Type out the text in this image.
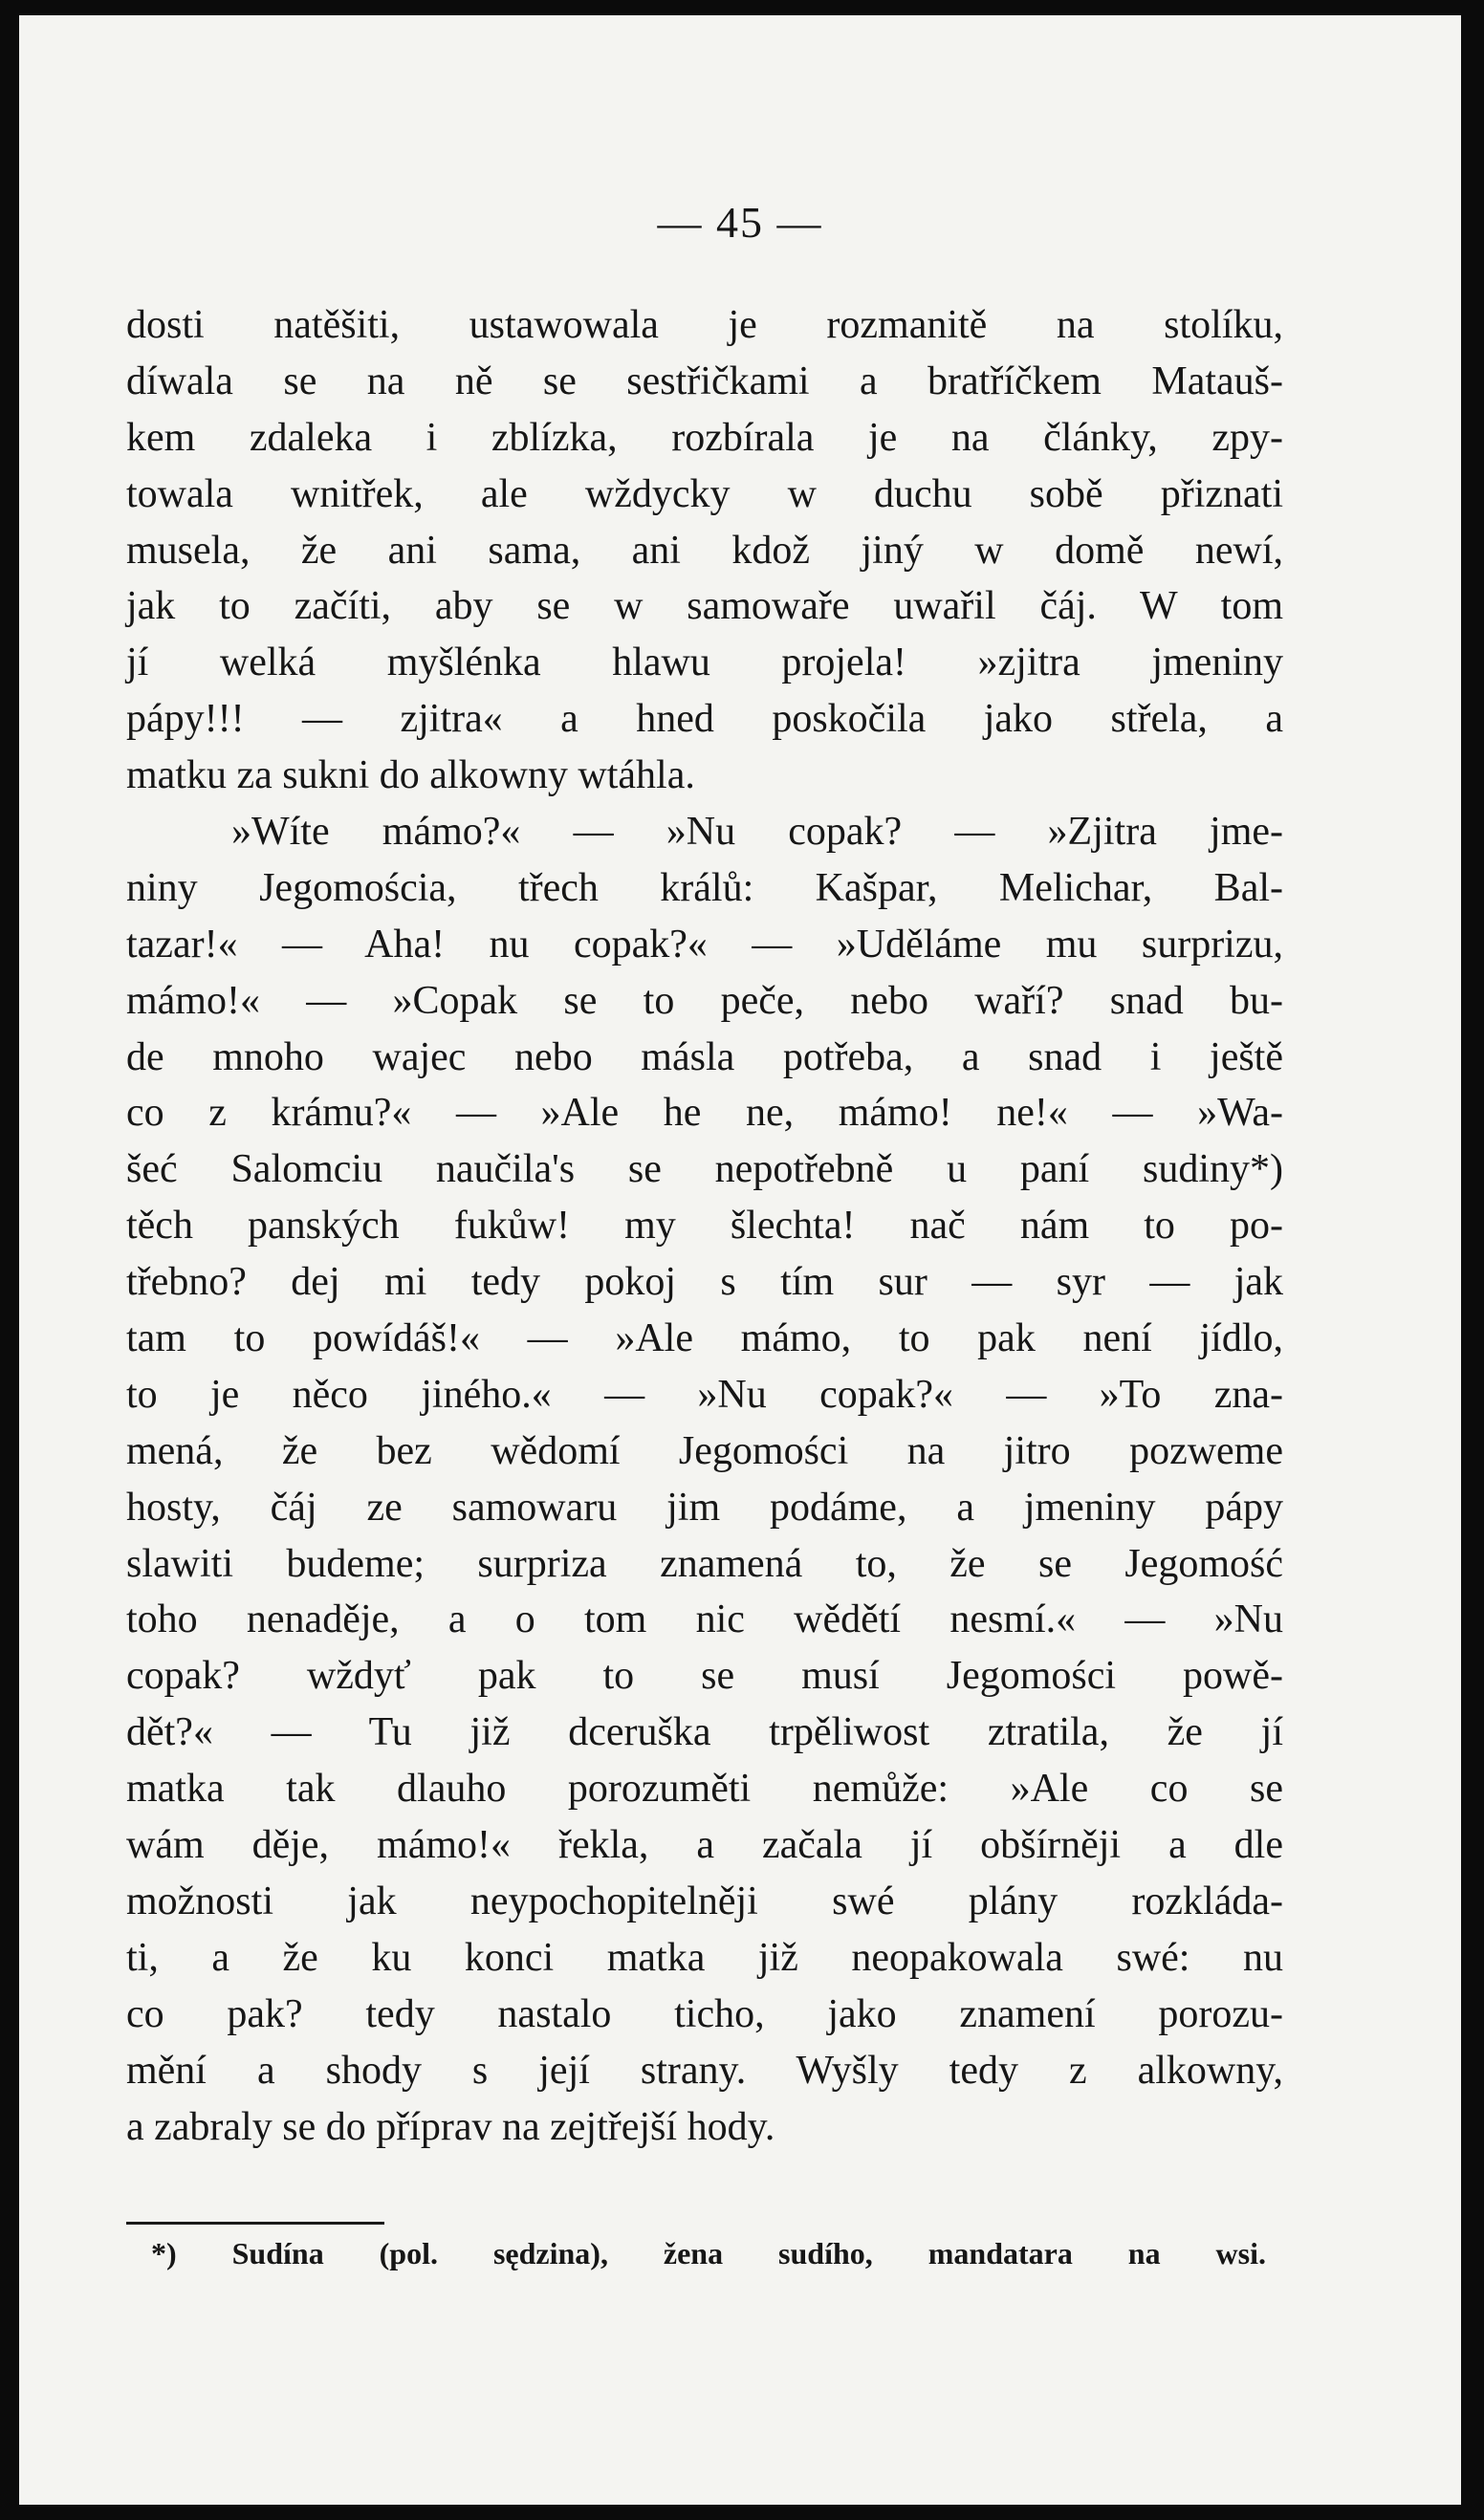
— 45 —
dosti natěšiti, ustawowala je rozmanitě na stolíku,
díwala se na ně se sestřičkami a bratříčkem Matauš-
kem zdaleka i zblízka, rozbírala je na články, zpy-
towala wnitřek, ale wždycky w duchu sobě přiznati
musela, že ani sama, ani kdož jiný w domě newí,
jak to začíti, aby se w samowaře uwařil čáj. W tom
jí welká myšlénka hlawu projela! »zjitra jmeniny
pápy!!! — zjitra« a hned poskočila jako střela, a
matku za sukni do alkowny wtáhla.
»Wíte mámo?« — »Nu copak? — »Zjitra jme-
niny Jegomościa, třech králů: Kašpar, Melichar, Bal-
tazar!« — Aha! nu copak?« — »Uděláme mu surprizu,
mámo!« — »Copak se to peče, nebo waří? snad bu-
de mnoho wajec nebo másla potřeba, a snad i ještě
co z krámu?« — »Ale he ne, mámo! ne!« — »Wa-
šeć Salomciu naučila's se nepotřebně u paní sudiny*)
těch panských fukůw! my šlechta! nač nám to po-
třebno? dej mi tedy pokoj s tím sur — syr — jak
tam to powídáš!« — »Ale mámo, to pak není jídlo,
to je něco jiného.« — »Nu copak?« — »To zna-
mená, že bez wědomí Jegomości na jitro pozweme
hosty, čáj ze samowaru jim podáme, a jmeniny pápy
slawiti budeme; surpriza znamená to, že se Jegomość
toho nenaděje, a o tom nic wědětí nesmí.« — »Nu
copak? wždyť pak to se musí Jegomości powě-
dět?« — Tu již dceruška trpěliwost ztratila, že jí
matka tak dlauho porozuměti nemůže: »Ale co se
wám děje, mámo!« řekla, a začala jí obšírněji a dle
možnosti jak neypochopitelněji swé plány rozkláda-
ti, a že ku konci matka již neopakowala swé: nu
co pak? tedy nastalo ticho, jako znamení porozu-
mění a shody s její strany. Wyšly tedy z alkowny,
a zabraly se do příprav na zejtřejší hody.
*) Sudína (pol. sędzina), žena sudího, mandatara na wsi.
